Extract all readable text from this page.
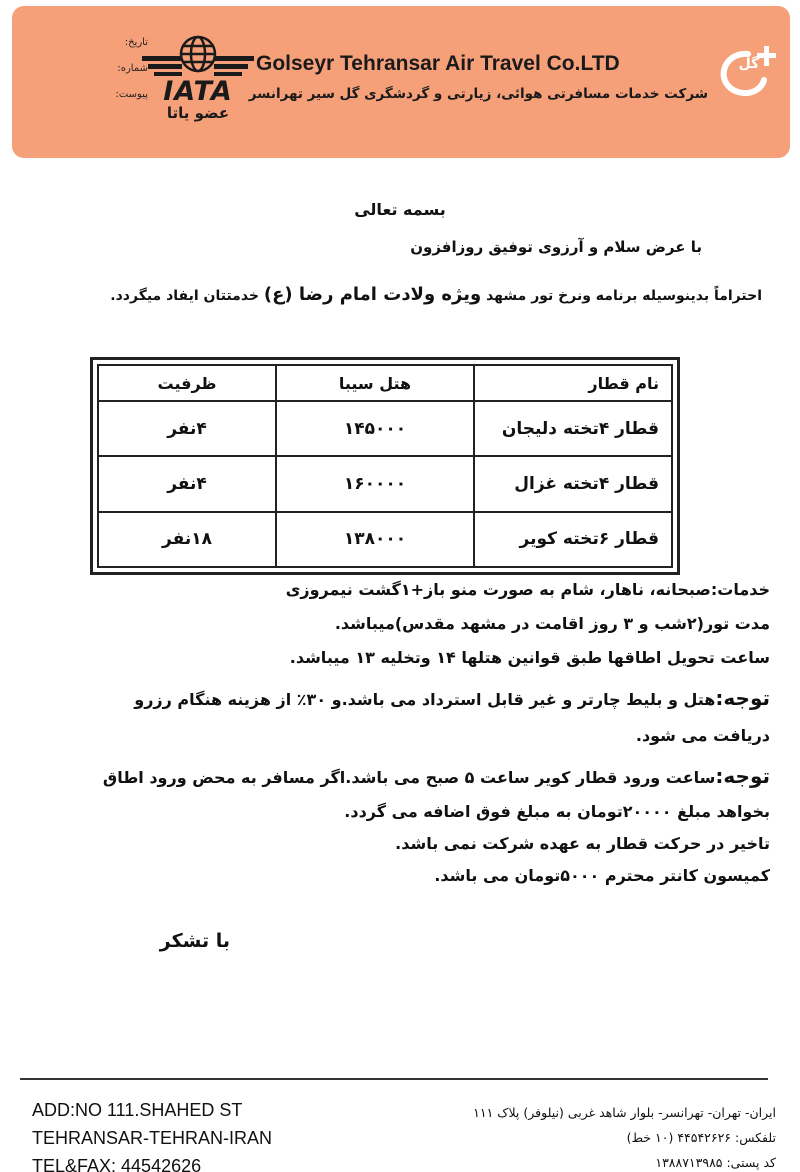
تاریخ:
شماره:
پیوست: IATA
عضو یاتا
Golseyr Tehransar Air Travel Co.LTD
شرکت خدمات مسافرتی هوائی، زیارتی و گردشگری گل سیر تهرانسر
گل
بسمه تعالی
با عرض سلام و آرزوی توفیق روزافزون
احتراماً بدینوسیله برنامه ونرخ تور مشهد ویژه ولادت امام رضا (ع) خدمتتان ایفاد میگردد.
نام قطار	هتل سیبا	ظرفیت
قطار ۴تخته دلیجان	۱۴۵۰۰۰	۴نفر
قطار ۴تخته غزال	۱۶۰۰۰۰	۴نفر
قطار ۶تخته کویر	۱۳۸۰۰۰	۱۸نفر
خدمات:صبحانه، ناهار، شام به صورت منو باز+۱گشت نیمروزی
مدت تور(۲شب و ۳ روز اقامت در مشهد مقدس)میباشد.
ساعت تحویل اطاقها طبق قوانین هتلها ۱۴ وتخلیه ۱۳ میباشد.
توجه:هتل و بلیط چارتر و غیر قابل استرداد می باشد.و ۳۰٪ از هزینه هنگام رزرو
دریافت می شود.
توجه:ساعت ورود قطار کویر ساعت ۵ صبح می باشد.اگر مسافر به محض ورود اطاق
بخواهد مبلغ ۲۰۰۰۰تومان به مبلغ فوق اضافه می گردد.
تاخیر در حرکت قطار به عهده شرکت نمی باشد.
کمیسون کانتر محترم ۵۰۰۰تومان می باشد.
با تشکر
ADD:NO 111.SHAHED ST
TEHRANSAR-TEHRAN-IRAN
TEL&FAX: 44542626
ایران- تهران- تهرانسر- بلوار شاهد غربی (نیلوفر) پلاک ۱۱۱
تلفکس: ۴۴۵۴۲۶۲۶ (۱۰ خط)
کد پستی: ۱۳۸۸۷۱۳۹۸۵
